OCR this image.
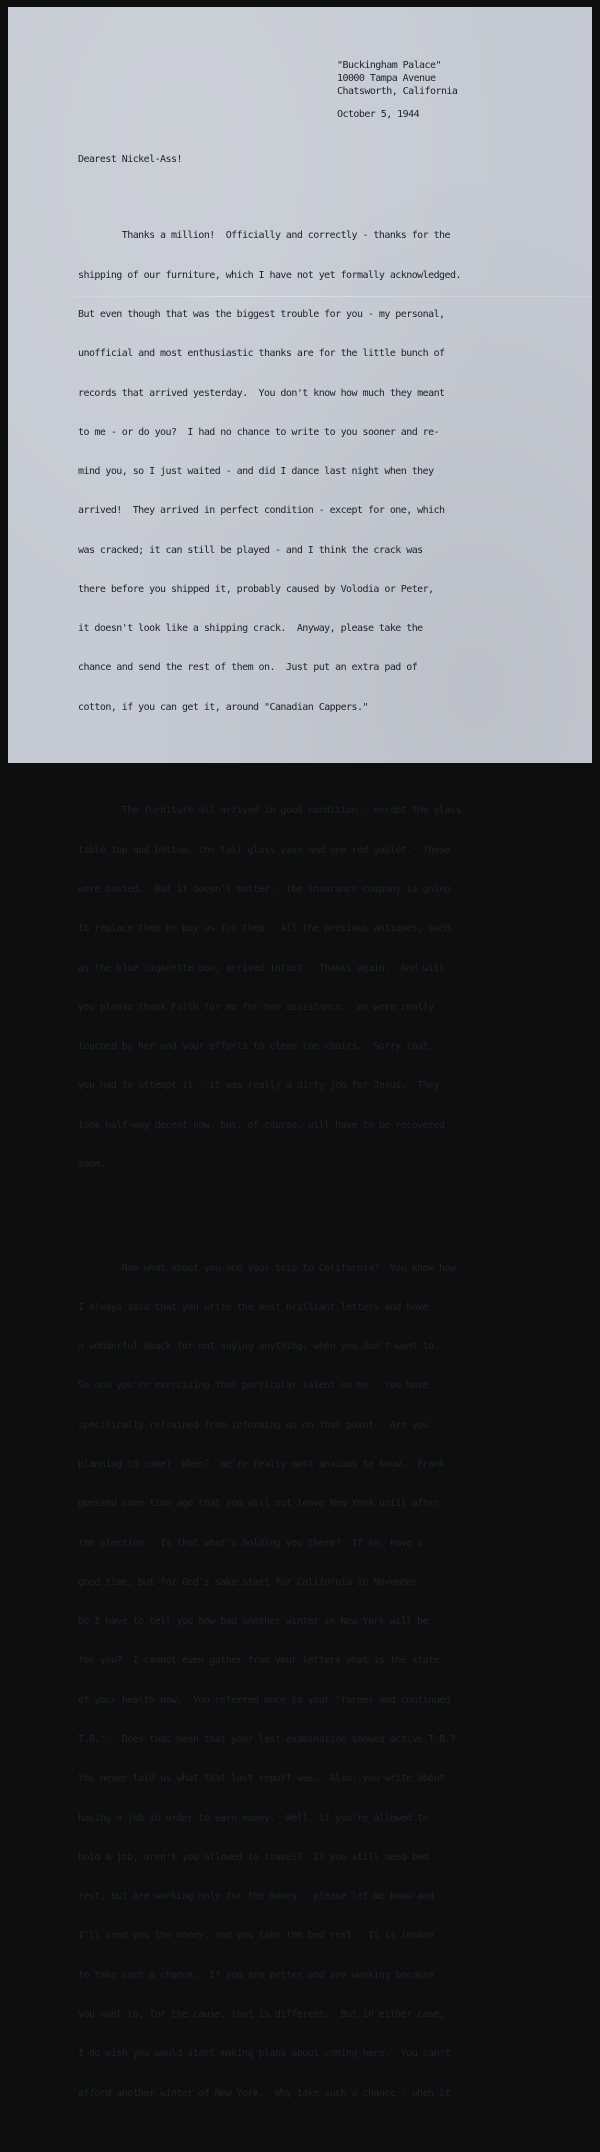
"Buckingham Palace"
10000 Tampa Avenue
Chatsworth, California
October 5, 1944
Dearest Nickel-Ass!

Thanks a million!  Officially and correctly - thanks for the

shipping of our furniture, which I have not yet formally acknowledged.

But even though that was the biggest trouble for you - my personal,

unofficial and most enthusiastic thanks are for the little bunch of

records that arrived yesterday.  You don't know how much they meant

to me - or do you?  I had no chance to write to you sooner and re-

mind you, so I just waited - and did I dance last night when they

arrived!  They arrived in perfect condition - except for one, which

was cracked; it can still be played - and I think the crack was

there before you shipped it, probably caused by Volodia or Peter,

it doesn't look like a shipping crack.  Anyway, please take the

chance and send the rest of them on.  Just put an extra pad of

cotton, if you can get it, around "Canadian Cappers."

The furniture all arrived in good condition - except the glass

table top and bottom, the tall glass vase and one red goblet.  These

were busted.  But it doesn't matter - the insurance company is going

to replace them or pay us for them.  All the precious antiques, such

as the blue cigarette box, arrived intact.  Thanks again.  And will

you please thank Faith for me for her assistance.  We were really

touched by her and your efforts to clean the chairs.  Sorry that

you had to attempt it - it was really a dirty job for Jesus.  They

look half-way decent now, but, of course, will have to be recovered

soon.

Now what about you and your trip to California?  You know how

I always said that you write the most brilliant letters and have

a wonderful knack for not saying anything, when you don't want to.

So now you're exercising that particular talent on me.  You have

specifically refrained from informing us on that point.  Are you

planning to come?  When?  We're really most anxious to know.  Frank

guessed some time ago that you will not leave New York until after

the election.  Is that what's holding you there?  If so, have a

good time, but for God's sake start for California in November.

Do I have to tell you how bad another winter in New York will be

for you?  I cannot even gather from your letters what is the state

of your health now.  You referred once to your "former and continued

T.B.".  Does that mean that your last examination showed active T.B.?

You never told us what that last report was.  Also, you write about

having a job in order to earn money.  Well, if you're allowed to

hold a job, aren't you allowed to travel?  If you still need bed

rest, but are working only for the money - please let me know and

I'll send you the money, and you take the bed rest.  It is insane

to take such a chance.  If you are better and are working because

you want to, for the cause, that is different.  But in either case,

I do wish you would start making plans about coming here.  You can't

afford another winter of New York.  Why take such a chance - when it
